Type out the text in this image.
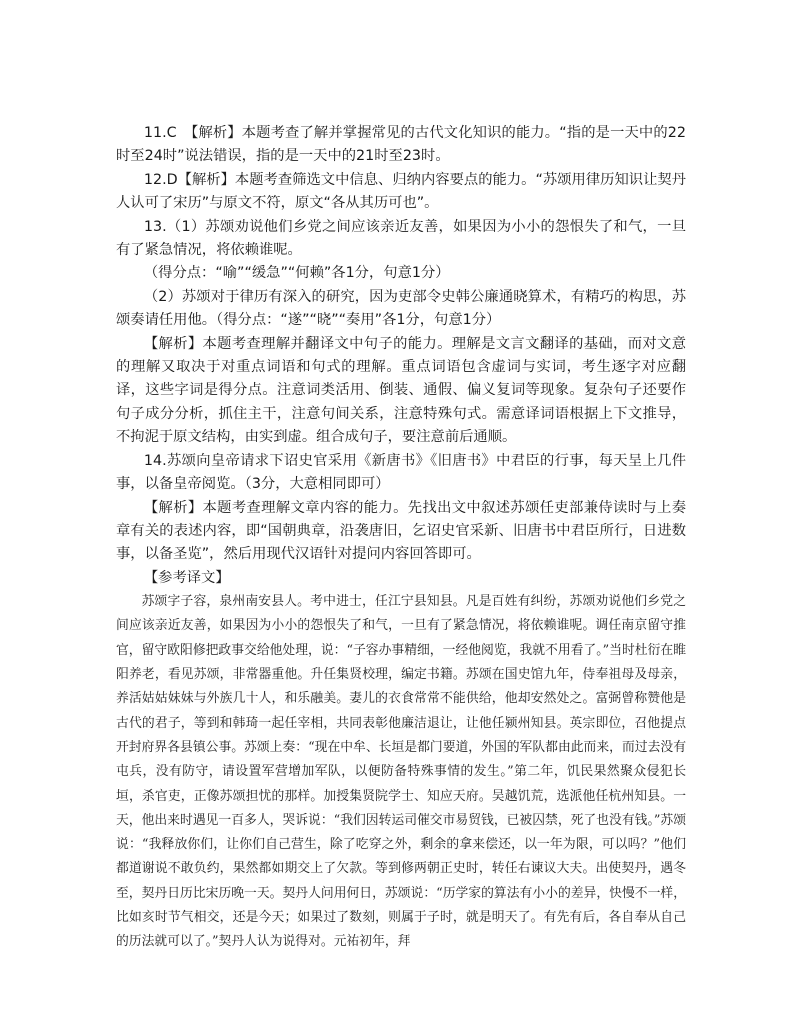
11.C　【解析】本题考查了解并掌握常见的古代文化知识的能力。“指的是一天中的22时至24时”说法错误，指的是一天中的21时至23时。

12.D【解析】本题考查筛选文中信息、归纳内容要点的能力。“苏颂用律历知识让契丹人认可了宋历”与原文不符，原文“各从其历可也”。

13.（1）苏颂劝说他们乡党之间应该亲近友善，如果因为小小的怨恨失了和气，一旦有了紧急情况，将依赖谁呢。

（得分点：“喻”“缓急”“何赖”各1分，句意1分）

（2）苏颂对于律历有深入的研究，因为吏部令史韩公廉通晓算术，有精巧的构思，苏颂奏请任用他。（得分点：“遂”“晓”“奏用”各1分，句意1分）

【解析】本题考查理解并翻译文中句子的能力。理解是文言文翻译的基础，而对文意的理解又取决于对重点词语和句式的理解。重点词语包含虚词与实词，考生逐字对应翻译，这些字词是得分点。注意词类活用、倒装、通假、偏义复词等现象。复杂句子还要作句子成分分析，抓住主干，注意句间关系，注意特殊句式。需意译词语根据上下文推导，不拘泥于原文结构，由实到虚。组合成句子，要注意前后通顺。

14.苏颂向皇帝请求下诏史官采用《新唐书》《旧唐书》中君臣的行事，每天呈上几件事，以备皇帝阅览。（3分，大意相同即可）

【解析】本题考查理解文章内容的能力。先找出文中叙述苏颂任吏部兼侍读时与上奏章有关的表述内容，即“国朝典章，沿袭唐旧，乞诏史官采新、旧唐书中君臣所行，日进数事，以备圣览”，然后用现代汉语针对提问内容回答即可。

【参考译文】

苏颂字子容，泉州南安县人。考中进士，任江宁县知县。凡是百姓有纠纷，苏颂劝说他们乡党之间应该亲近友善，如果因为小小的怨恨失了和气，一旦有了紧急情况，将依赖谁呢。调任南京留守推官，留守欧阳修把政事交给他处理，说：“子容办事精细，一经他阅览，我就不用看了。”当时杜衍在睢阳养老，看见苏颂，非常器重他。升任集贤校理，编定书籍。苏颂在国史馆九年，侍奉祖母及母亲，养活姑姑妹妹与外族几十人，和乐融美。妻儿的衣食常常不能供给，他却安然处之。富弼曾称赞他是古代的君子，等到和韩琦一起任宰相，共同表彰他廉洁退让，让他任颍州知县。英宗即位，召他提点开封府界各县镇公事。苏颂上奏：“现在中牟、长垣是都门要道，外国的军队都由此而来，而过去没有屯兵，没有防守，请设置军营增加军队，以便防备特殊事情的发生。”第二年，饥民果然聚众侵犯长垣，杀官吏，正像苏颂担忧的那样。加授集贤院学士、知应天府。吴越饥荒，选派他任杭州知县。一天，他出来时遇见一百多人，哭诉说：“我们因转运司催交市易贸钱，已被囚禁，死了也没有钱。”苏颂说：“我释放你们，让你们自己营生，除了吃穿之外，剩余的拿来偿还，以一年为限，可以吗？”他们都道谢说不敢负约，果然都如期交上了欠款。等到修两朝正史时，转任右谏议大夫。出使契丹，遇冬至，契丹日历比宋历晚一天。契丹人问用何日，苏颂说：“历学家的算法有小小的差异，快慢不一样，比如亥时节气相交，还是今天；如果过了数刻，则属于子时，就是明天了。有先有后，各自奉从自己的历法就可以了。”契丹人认为说得对。元祐初年，拜
